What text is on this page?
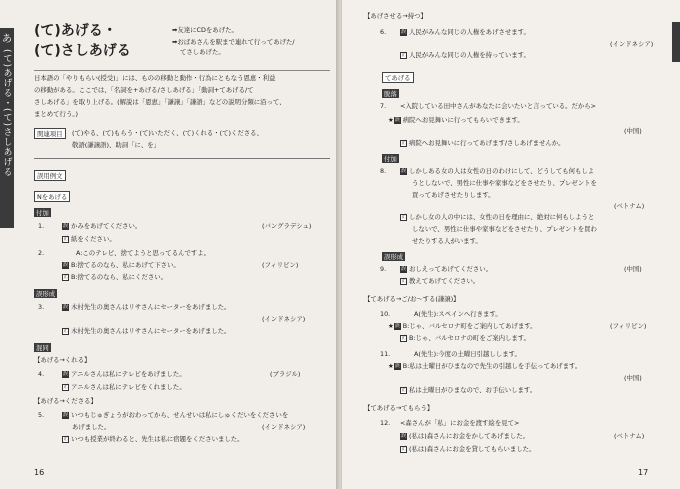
あ
(て)あげる・(て)さしあげる
(て)あげる・
(て)さしあげる
➡友達にCDをあげた。
➡おばあさんを駅まで連れて行ってあげた/
てさしあげた。
日本語の「やりもらい(授受)」には、ものの移動と動作・行為にともなう恩恵・利益
の移動がある。ここでは、「名詞を+あげる/さしあげる」「動詞+てあげる/て
さしあげる」を取り上げる。(解説は「恩恵」「謙譲」「謙語」などの説明分類に沿って、
まとめて行う。)
関連項目	(て)やる、(て)もらう・(て)いただく、(て)くれる・(て)くださる、
敬語(謙譲語)、助詞「に、を」
誤用例文
Nをあげる
付加
1.	誤 かみをあげてください。	(バングラデシュ)
正 紙をください。
2.	A:このテレビ、捨てようと思ってるんですよ。
誤 B:捨てるのなら、私にあげて下さい。	(フィリピン)
正 B:捨てるのなら、私にください。
誤形成
3.	誤 木村先生の奥さんはリサさんにセーターをあげました。
(インドネシア)
正 木村先生の奥さんはリサさんにセーターをあげました。
混同
【あげる→くれる】
4.	誤 アニルさんは私にテレビをあげました。	(ブラジル)
正 アニルさんは私にテレビをくれました。
【あげる→くださる】
5.	誤 いつもじゅぎょうがおわってから、せんせいは私にしゅくだいをくださいを
あげました。	(インドネシア)
正 いつも授業が終わると、先生は私に宿題をくださいました。
16
【あげさせる→持つ】
6.	誤 人民がみんな同じの人権をあげさせます。
(インドネシア)
正 人民がみんな同じの人権を持っています。
てあげる
脱落
7. <入院している田中さんがあなたに会いたいと言っている。だから>
★誤 病院へお見舞いに行ってもらいできます。
(中国)
正 病院へお見舞いに行ってあげます/さしあげませんか。
付加
8.	誤 しかしある女の人は女性の日のわけにして、どうしても何もしよ
うとしないで、男性に仕事や家事などをさせたり、プレゼントを
買ってあげさせたりします。
(ベトナム)
正 しかし女の人の中には、女性の日を理由に、絶対に何もしようと
しないで、男性に仕事や家事などをさせたり、プレゼントを買わ
せたりする人がいます。
誤形成
9.	誤 おしえってあげてください。	(中国)
正 教えてあげてください。
【てあげる→ご/お〜する(謙譲)】
10.	A(先生):スペインへ行きます。
★誤 B:じゃ、バルセロナ町をご案内してあげます。	(フィリピン)
正 B:じゃ、バルセロナの町をご案内します。
11.	A(先生):今度の土曜日引越しします。
★誤 B:私は土曜日がひまなので先生の引越しを手伝ってあげます。
(中国)
正 私は土曜日がひまなので、お手伝いします。
【てあげる→てもらう】
12. <森さんが「私」にお金を渡す絵を見て>
誤 (私は)森さんにお金をかしてあげました。	(ベトナム)
正 (私は)森さんにお金を貸してもらいました。
17
